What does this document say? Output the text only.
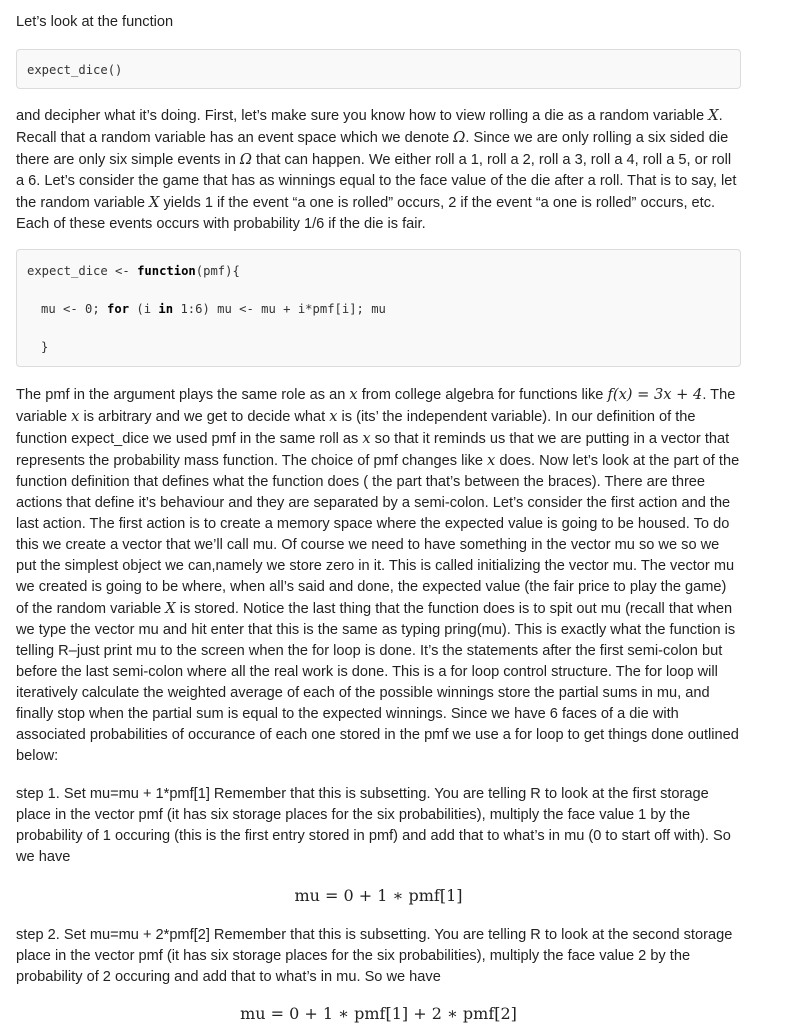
Let’s look at the function

expect_dice()

and decipher what it’s doing. First, let’s make sure you know how to view rolling a die as a random variable X. Recall that a random variable has an event space which we denote Ω. Since we are only rolling a six sided die there are only six simple events in Ω that can happen. We either roll a 1, roll a 2, roll a 3, roll a 4, roll a 5, or roll a 6. Let’s consider the game that has as winnings equal to the face value of the die after a roll. That is to say, let the random variable X yields 1 if the event “a one is rolled” occurs, 2 if the event “a one is rolled” occurs, etc. Each of these events occurs with probability 1/6 if the die is fair.

expect_dice <- function(pmf){
mu <- 0; for (i in 1:6) mu <- mu + i*pmf[i]; mu
}

The pmf in the argument plays the same role as an x from college algebra for functions like f(x) = 3x + 4. The variable x is arbitrary and we get to decide what x is (its’ the independent variable). In our definition of the function expect_dice we used pmf in the same roll as x so that it reminds us that we are putting in a vector that represents the probability mass function. The choice of pmf changes like x does. Now let’s look at the part of the function definition that defines what the function does ( the part that’s between the braces). There are three actions that define it’s behaviour and they are separated by a semi-colon. Let’s consider the first action and the last action. The first action is to create a memory space where the expected value is going to be housed. To do this we create a vector that we’ll call mu. Of course we need to have something in the vector mu so we so we put the simplest object we can,namely we store zero in it. This is called initializing the vector mu. The vector mu we created is going to be where, when all’s said and done, the expected value (the fair price to play the game) of the random variable X is stored. Notice the last thing that the function does is to spit out mu (recall that when we type the vector mu and hit enter that this is the same as typing pring(mu). This is exactly what the function is telling R–just print mu to the screen when the for loop is done. It’s the statements after the first semi-colon but before the last semi-colon where all the real work is done. This is a for loop control structure. The for loop will iteratively calculate the weighted average of each of the possible winnings store the partial sums in mu, and finally stop when the partial sum is equal to the expected winnings. Since we have 6 faces of a die with associated probabilities of occurance of each one stored in the pmf we use a for loop to get things done outlined below:

step 1. Set mu=mu + 1*pmf[1] Remember that this is subsetting. You are telling R to look at the first storage place in the vector pmf (it has six storage places for the six probabilities), multiply the face value 1 by the probability of 1 occuring (this is the first entry stored in pmf) and add that to what’s in mu (0 to start off with). So we have

mu = 0 + 1 ∗ pmf[1]

step 2. Set mu=mu + 2*pmf[2] Remember that this is subsetting. You are telling R to look at the second storage place in the vector pmf (it has six storage places for the six probabilities), multiply the face value 2 by the probability of 2 occuring and add that to what’s in mu. So we have

mu = 0 + 1 ∗ pmf[1] + 2 ∗ pmf[2]
